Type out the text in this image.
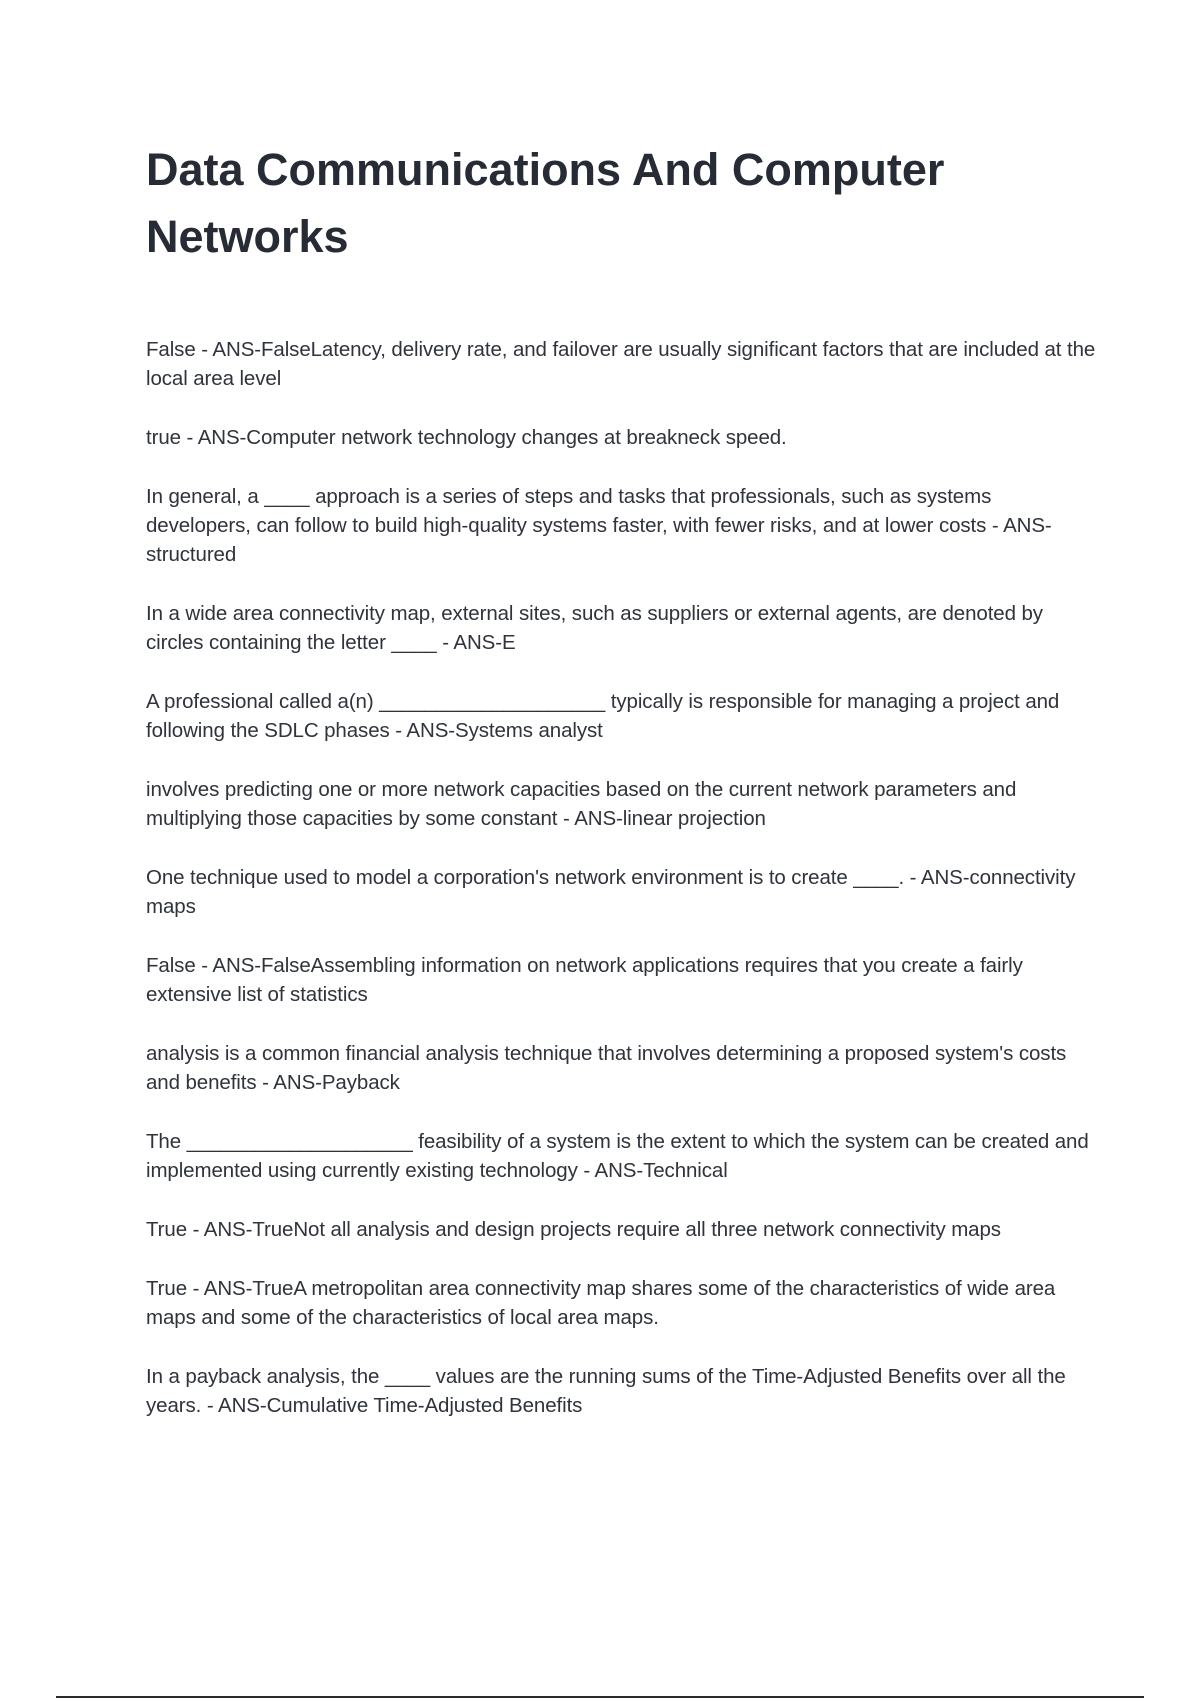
Data Communications And Computer Networks
False - ANS-FalseLatency, delivery rate, and failover are usually significant factors that are included at the local area level
true - ANS-Computer network technology changes at breakneck speed.
In general, a ____ approach is a series of steps and tasks that professionals, such as systems developers, can follow to build high-quality systems faster, with fewer risks, and at lower costs - ANS-structured
In a wide area connectivity map, external sites, such as suppliers or external agents, are denoted by circles containing the letter ____ - ANS-E
A professional called a(n) ____________________ typically is responsible for managing a project and following the SDLC phases - ANS-Systems analyst
involves predicting one or more network capacities based on the current network parameters and multiplying those capacities by some constant - ANS-linear projection
One technique used to model a corporation's network environment is to create ____. - ANS-connectivity maps
False - ANS-FalseAssembling information on network applications requires that you create a fairly extensive list of statistics
analysis is a common financial analysis technique that involves determining a proposed system's costs and benefits - ANS-Payback
The ____________________ feasibility of a system is the extent to which the system can be created and implemented using currently existing technology - ANS-Technical
True - ANS-TrueNot all analysis and design projects require all three network connectivity maps
True - ANS-TrueA metropolitan area connectivity map shares some of the characteristics of wide area maps and some of the characteristics of local area maps.
In a payback analysis, the ____ values are the running sums of the Time-Adjusted Benefits over all the years. - ANS-Cumulative Time-Adjusted Benefits
